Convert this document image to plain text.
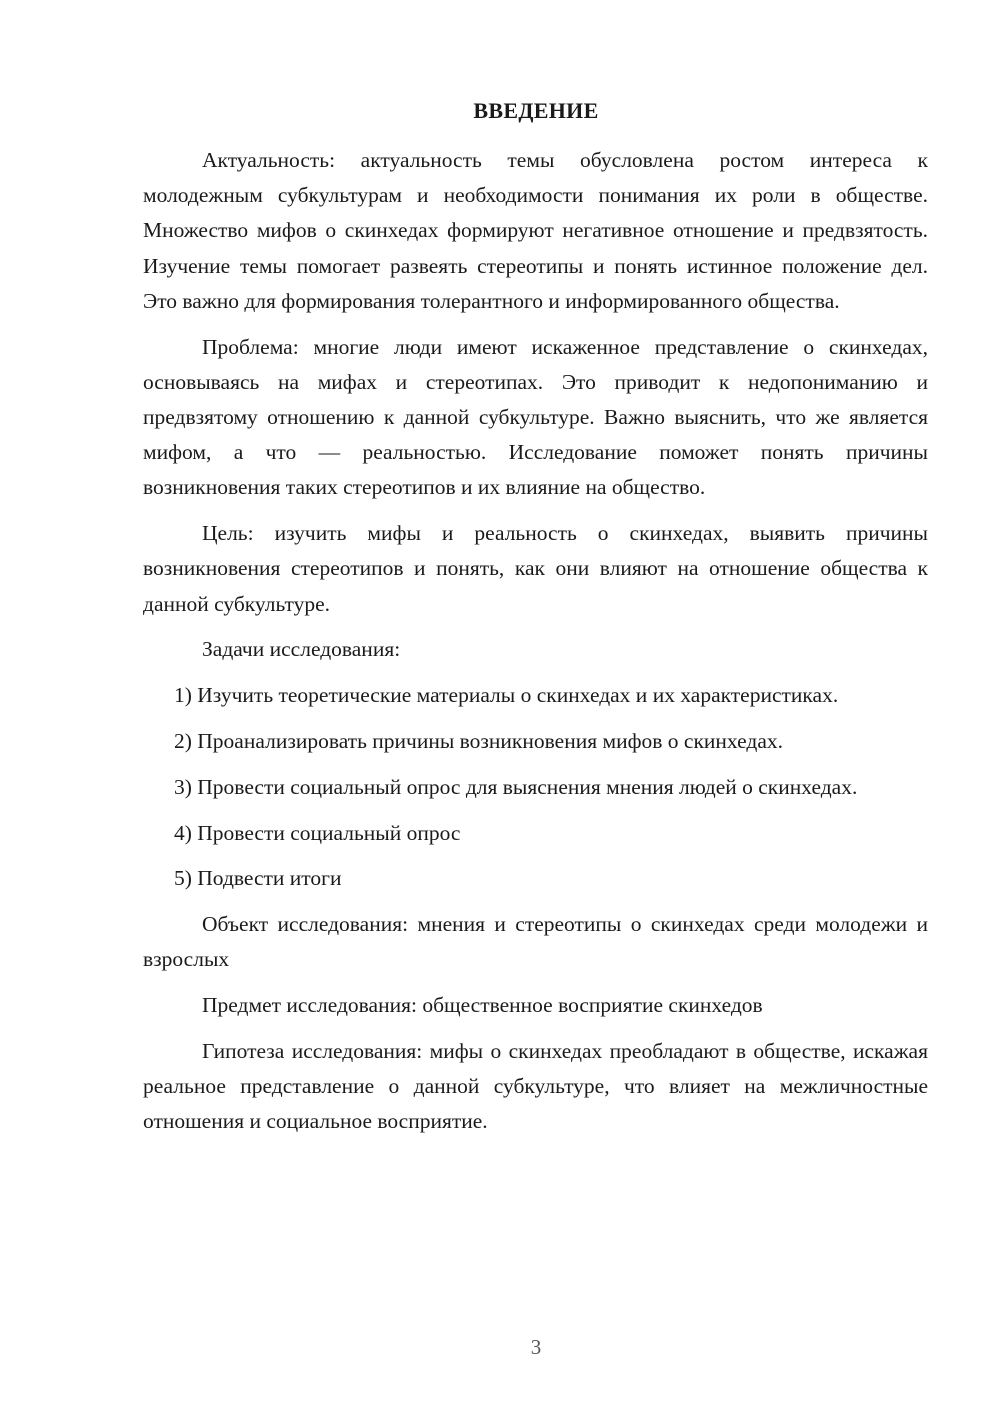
ВВЕДЕНИЕ

Актуальность: актуальность темы обусловлена ростом интереса к молодежным субкультурам и необходимости понимания их роли в обществе. Множество мифов о скинхедах формируют негативное отношение и предвзятость. Изучение темы помогает развеять стереотипы и понять истинное положение дел. Это важно для формирования толерантного и информированного общества.

Проблема: многие люди имеют искаженное представление о скинхедах, основываясь на мифах и стереотипах. Это приводит к недопониманию и предвзятому отношению к данной субкультуре. Важно выяснить, что же является мифом, а что — реальностью. Исследование поможет понять причины возникновения таких стереотипов и их влияние на общество.

Цель: изучить мифы и реальность о скинхедах, выявить причины возникновения стереотипов и понять, как они влияют на отношение общества к данной субкультуре.

Задачи исследования:

1) Изучить теоретические материалы о скинхедах и их характеристиках.

2) Проанализировать причины возникновения мифов о скинхедах.

3) Провести социальный опрос для выяснения мнения людей о скинхедах.

4) Провести социальный опрос

5) Подвести итоги

Объект исследования: мнения и стереотипы о скинхедах среди молодежи и взрослых

Предмет исследования: общественное восприятие скинхедов

Гипотеза исследования: мифы о скинхедах преобладают в обществе, искажая реальное представление о данной субкультуре, что влияет на межличностные отношения и социальное восприятие.

3
